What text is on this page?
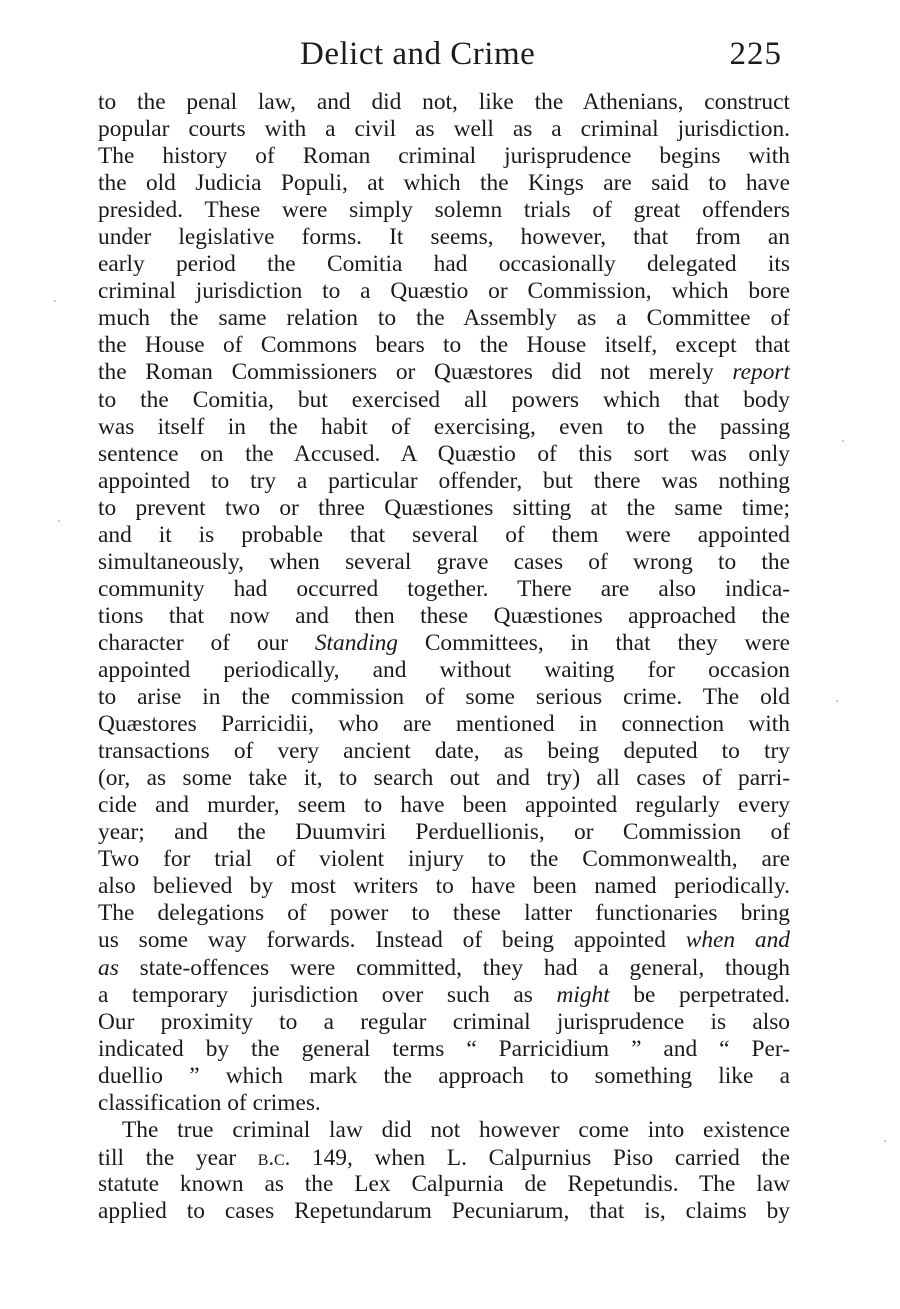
Delict and Crime	225

to the penal law, and did not, like the Athenians, construct
popular courts with a civil as well as a criminal jurisdiction.
The history of Roman criminal jurisprudence begins with
the old Judicia Populi, at which the Kings are said to have
presided. These were simply solemn trials of great offenders
under legislative forms. It seems, however, that from an
early period the Comitia had occasionally delegated its
criminal jurisdiction to a Quæstio or Commission, which bore
much the same relation to the Assembly as a Committee of
the House of Commons bears to the House itself, except that
the Roman Commissioners or Quæstores did not merely report
to the Comitia, but exercised all powers which that body
was itself in the habit of exercising, even to the passing
sentence on the Accused. A Quæstio of this sort was only
appointed to try a particular offender, but there was nothing
to prevent two or three Quæstiones sitting at the same time;
and it is probable that several of them were appointed
simultaneously, when several grave cases of wrong to the
community had occurred together. There are also indica-
tions that now and then these Quæstiones approached the
character of our Standing Committees, in that they were
appointed periodically, and without waiting for occasion
to arise in the commission of some serious crime. The old
Quæstores Parricidii, who are mentioned in connection with
transactions of very ancient date, as being deputed to try
(or, as some take it, to search out and try) all cases of parri-
cide and murder, seem to have been appointed regularly every
year; and the Duumviri Perduellionis, or Commission of
Two for trial of violent injury to the Commonwealth, are
also believed by most writers to have been named periodically.
The delegations of power to these latter functionaries bring
us some way forwards. Instead of being appointed when and
as state-offences were committed, they had a general, though
a temporary jurisdiction over such as might be perpetrated.
Our proximity to a regular criminal jurisprudence is also
indicated by the general terms “ Parricidium ” and “ Per-
duellio ” which mark the approach to something like a
classification of crimes.

The true criminal law did not however come into existence
till the year b.c. 149, when L. Calpurnius Piso carried the
statute known as the Lex Calpurnia de Repetundis. The law
applied to cases Repetundarum Pecuniarum, that is, claims by
